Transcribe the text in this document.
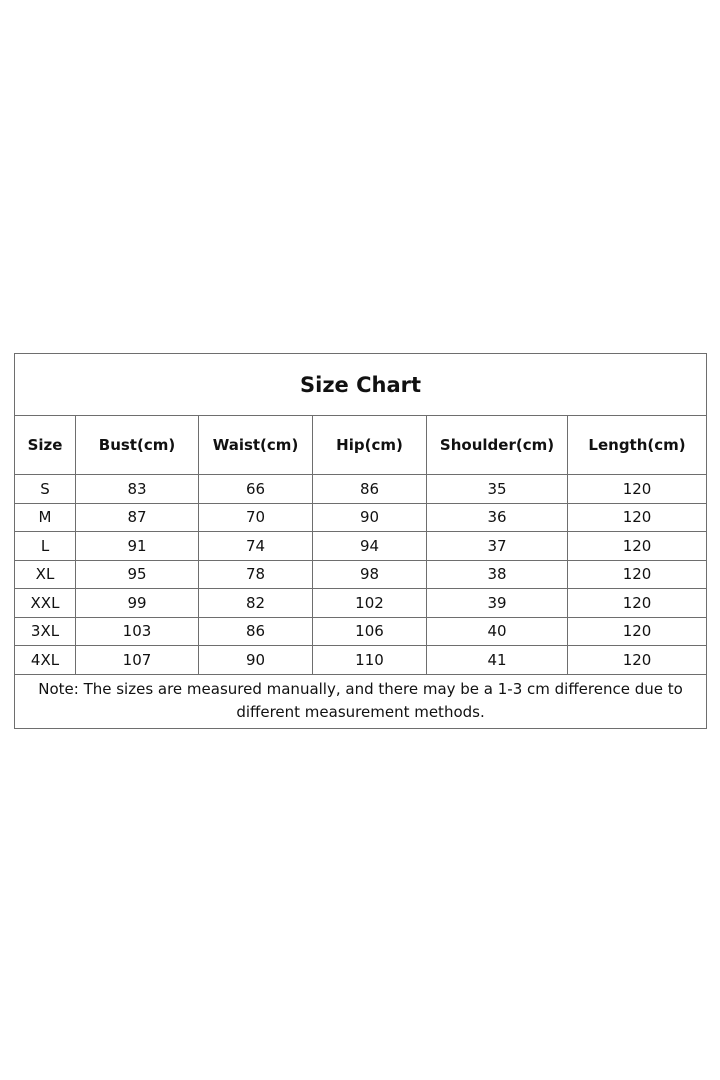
Size Chart					
Size	Bust(cm)	Waist(cm)	Hip(cm)	Shoulder(cm)	Length(cm)
S	83	66	86	35	120
M	87	70	90	36	120
L	91	74	94	37	120
XL	95	78	98	38	120
XXL	99	82	102	39	120
3XL	103	86	106	40	120
4XL	107	90	110	41	120
Note: The sizes are measured manually, and there may be a 1-3 cm difference due to different measurement methods.					
